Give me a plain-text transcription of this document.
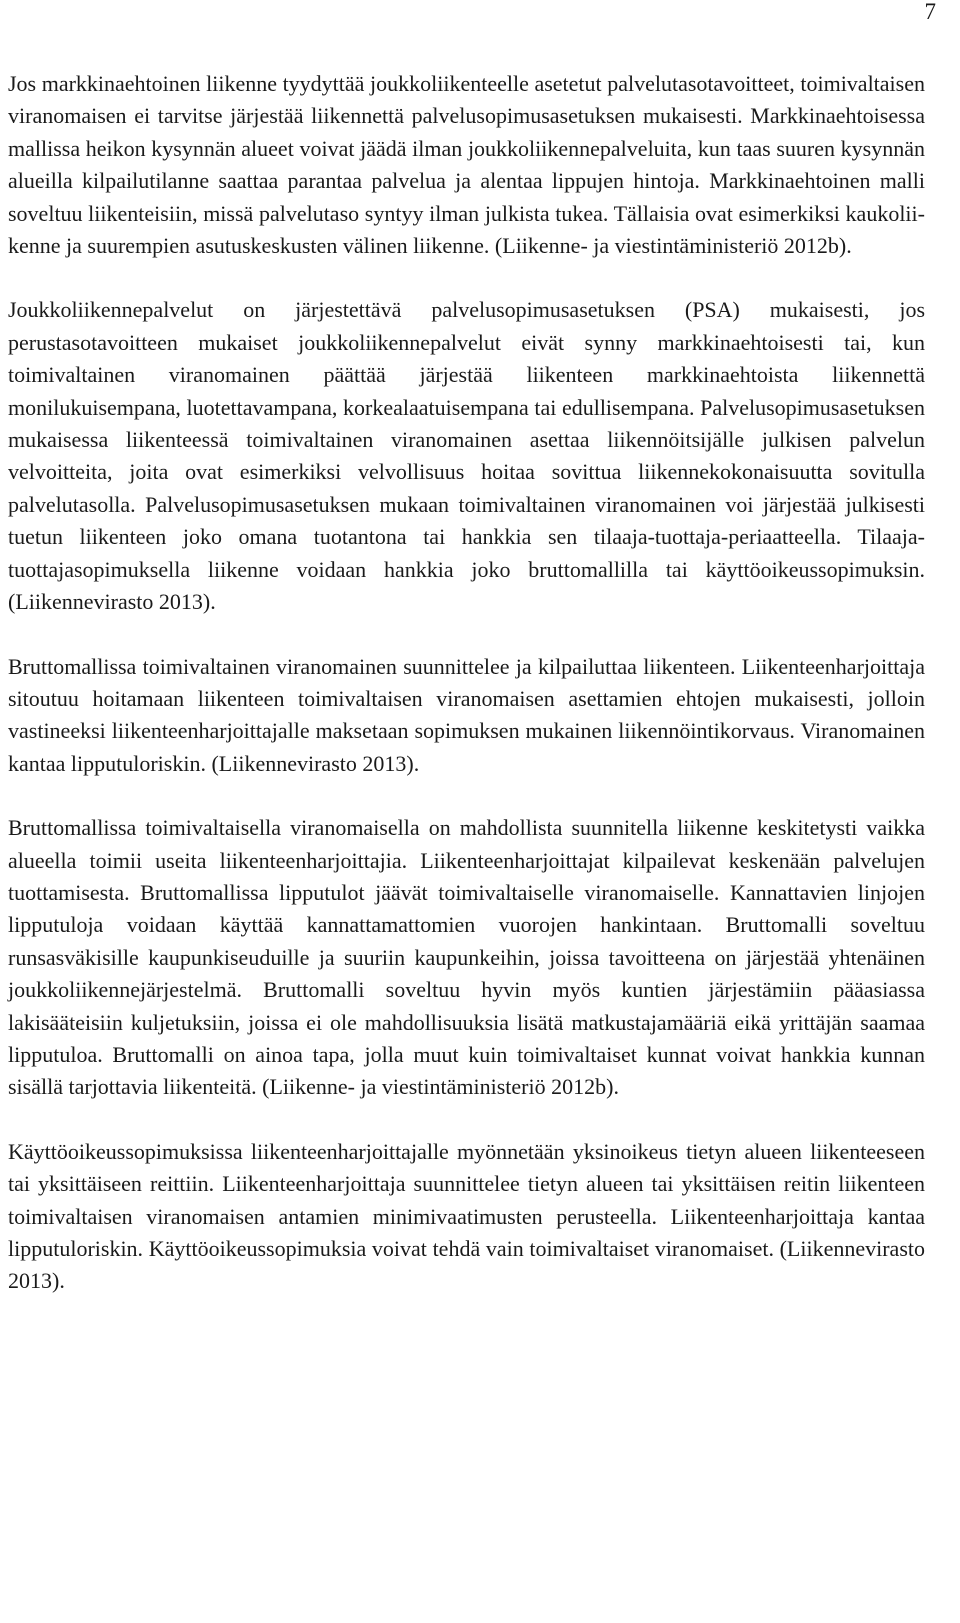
7

Jos markkinaehtoinen liikenne tyydyttää joukkoliikenteelle asetetut palvelutasotavoitteet, toimivaltaisen viranomaisen ei tarvitse järjestää liikennettä palvelusopimusasetuksen mukaisesti. Markkinaehtoisessa mallissa heikon kysynnän alueet voivat jäädä ilman joukkoliikennepalveluita, kun taas suuren kysynnän alueilla kilpailutilanne saattaa parantaa palvelua ja alentaa lippujen hintoja. Markkinaehtoinen malli soveltuu liikenteisiin, missä palvelutaso syntyy ilman julkista tukea. Tällaisia ovat esimerkiksi kaukoliikenne ja suurempien asutuskeskusten välinen liikenne. (Liikenne- ja viestintäministeriö 2012b).

Joukkoliikennepalvelut on järjestettävä palvelusopimusasetuksen (PSA) mukaisesti, jos perustasotavoitteen mukaiset joukkoliikennepalvelut eivät synny markkinaehtoisesti tai, kun toimivaltainen viranomainen päättää järjestää liikenteen markkinaehtoista liikennettä monilukuisempana, luotettavampana, korkealaatuisempana tai edullisempana. Palvelusopimusasetuksen mukaisessa liikenteessä toimivaltainen viranomainen asettaa liikennöitsijälle julkisen palvelun velvoitteita, joita ovat esimerkiksi velvollisuus hoitaa sovittua liikennekokonaisuutta sovitulla palvelutasolla. Palvelusopimusasetuksen mukaan toimivaltainen viranomainen voi järjestää julkisesti tuetun liikenteen joko omana tuotantona tai hankkia sen tilaaja-tuottaja-periaatteella. Tilaaja-tuottajasopimuksella liikenne voidaan hankkia joko bruttomallilla tai käyttöoikeussopimuksin. (Liikennevirasto 2013).

Bruttomallissa toimivaltainen viranomainen suunnittelee ja kilpailuttaa liikenteen. Liikenteenharjoittaja sitoutuu hoitamaan liikenteen toimivaltaisen viranomaisen asettamien ehtojen mukaisesti, jolloin vastineeksi liikenteenharjoittajalle maksetaan sopimuksen mukainen liikennöintikorvaus. Viranomainen kantaa lipputuloriskin. (Liikennevirasto 2013).

Bruttomallissa toimivaltaisella viranomaisella on mahdollista suunnitella liikenne keskitetysti vaikka alueella toimii useita liikenteenharjoittajia. Liikenteenharjoittajat kilpailevat keskenään palvelujen tuottamisesta. Bruttomallissa lipputulot jäävät toimivaltaiselle viranomaiselle. Kannattavien linjojen lipputuloja voidaan käyttää kannattamattomien vuorojen hankintaan. Bruttomalli soveltuu runsasväkisille kaupunkiseuduille ja suuriin kaupunkeihin, joissa tavoitteena on järjestää yhtenäinen joukkoliikennejärjestelmä. Bruttomalli soveltuu hyvin myös kuntien järjestämiin pääasiassa lakisääteisiin kuljetuksiin, joissa ei ole mahdollisuuksia lisätä matkustajamääriä eikä yrittäjän saamaa lipputuloa. Bruttomalli on ainoa tapa, jolla muut kuin toimivaltaiset kunnat voivat hankkia kunnan sisällä tarjottavia liikenteitä. (Liikenne- ja viestintäministeriö 2012b).

Käyttöoikeussopimuksissa liikenteenharjoittajalle myönnetään yksinoikeus tietyn alueen liikenteeseen tai yksittäiseen reittiin. Liikenteenharjoittaja suunnittelee tietyn alueen tai yksittäisen reitin liikenteen toimivaltaisen viranomaisen antamien minimivaatimusten perusteella. Liikenteenharjoittaja kantaa lipputuloriskin. Käyttöoikeussopimuksia voivat tehdä vain toimivaltaiset viranomaiset. (Liikennevirasto 2013).
